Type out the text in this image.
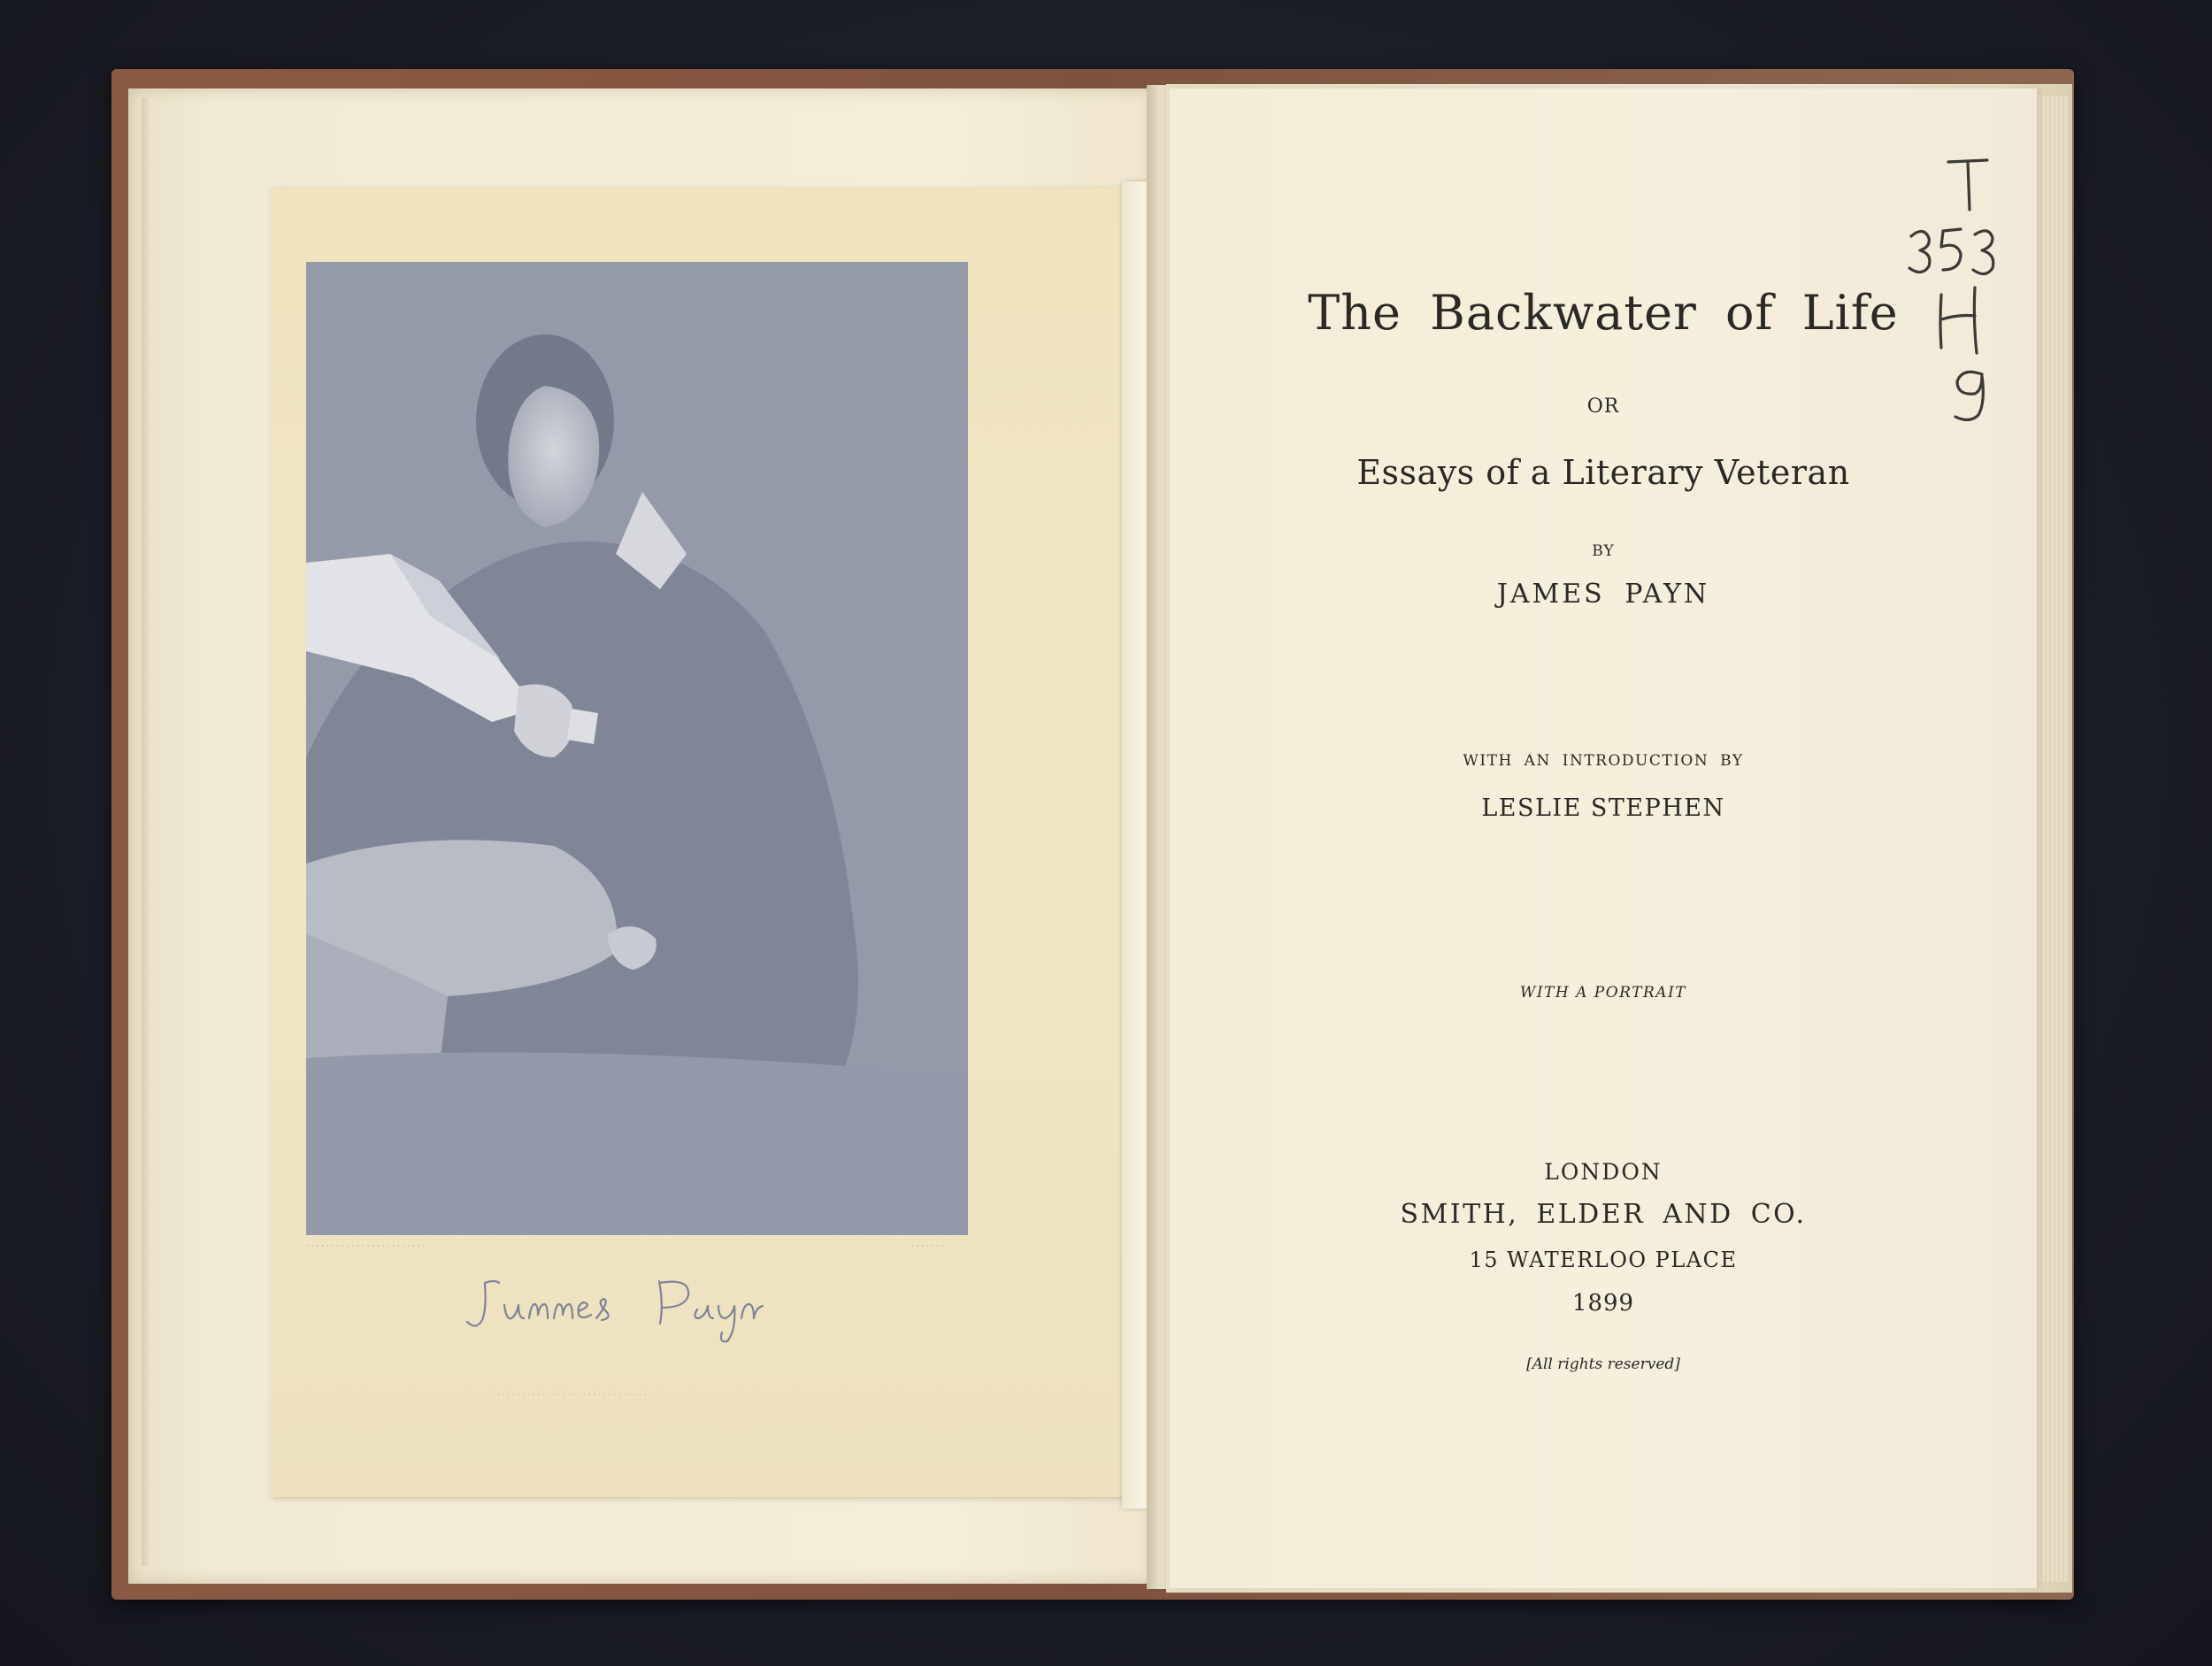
· · · · · · · · · · · · · · · · · · · · · · · ·	· · · · · · ·
· · · · · · · · · · · · · · · · · · · · · · · · · · · · · · ·
The Backwater of Life
OR
Essays of a Literary Veteran
BY
JAMES PAYN
WITH AN INTRODUCTION BY
LESLIE STEPHEN
WITH A PORTRAIT
LONDON
SMITH, ELDER AND CO.
15 WATERLOO PLACE
1899
[All rights reserved]
